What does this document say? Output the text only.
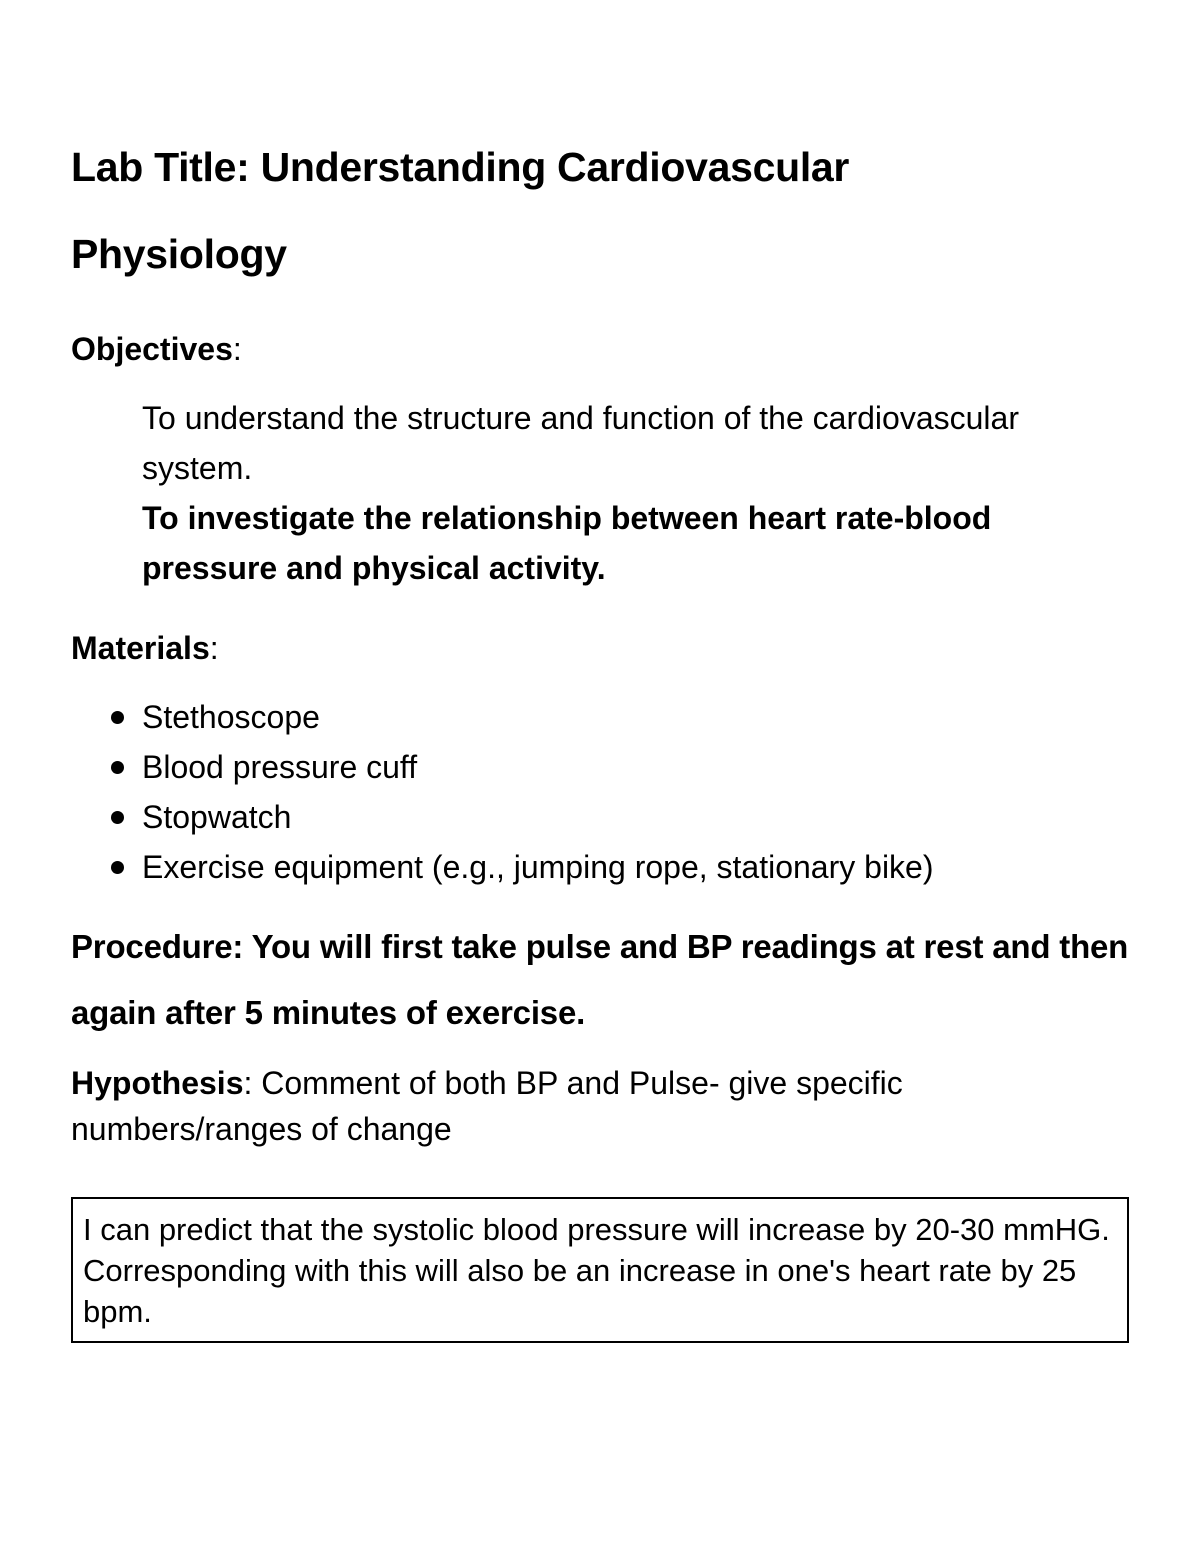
Lab Title: Understanding Cardiovascular Physiology

Objectives:

To understand the structure and function of the cardiovascular system.

To investigate the relationship between heart rate-blood pressure and physical activity.

Materials:

Stethoscope
Blood pressure cuff
Stopwatch
Exercise equipment (e.g., jumping rope, stationary bike)

Procedure: You will first take pulse and BP readings at rest and then again after 5 minutes of exercise.

Hypothesis: Comment of both BP and Pulse- give specific numbers/ranges of change

I can predict that the systolic blood pressure will increase by 20-30 mmHG. Corresponding with this will also be an increase in one's heart rate by 25 bpm.
